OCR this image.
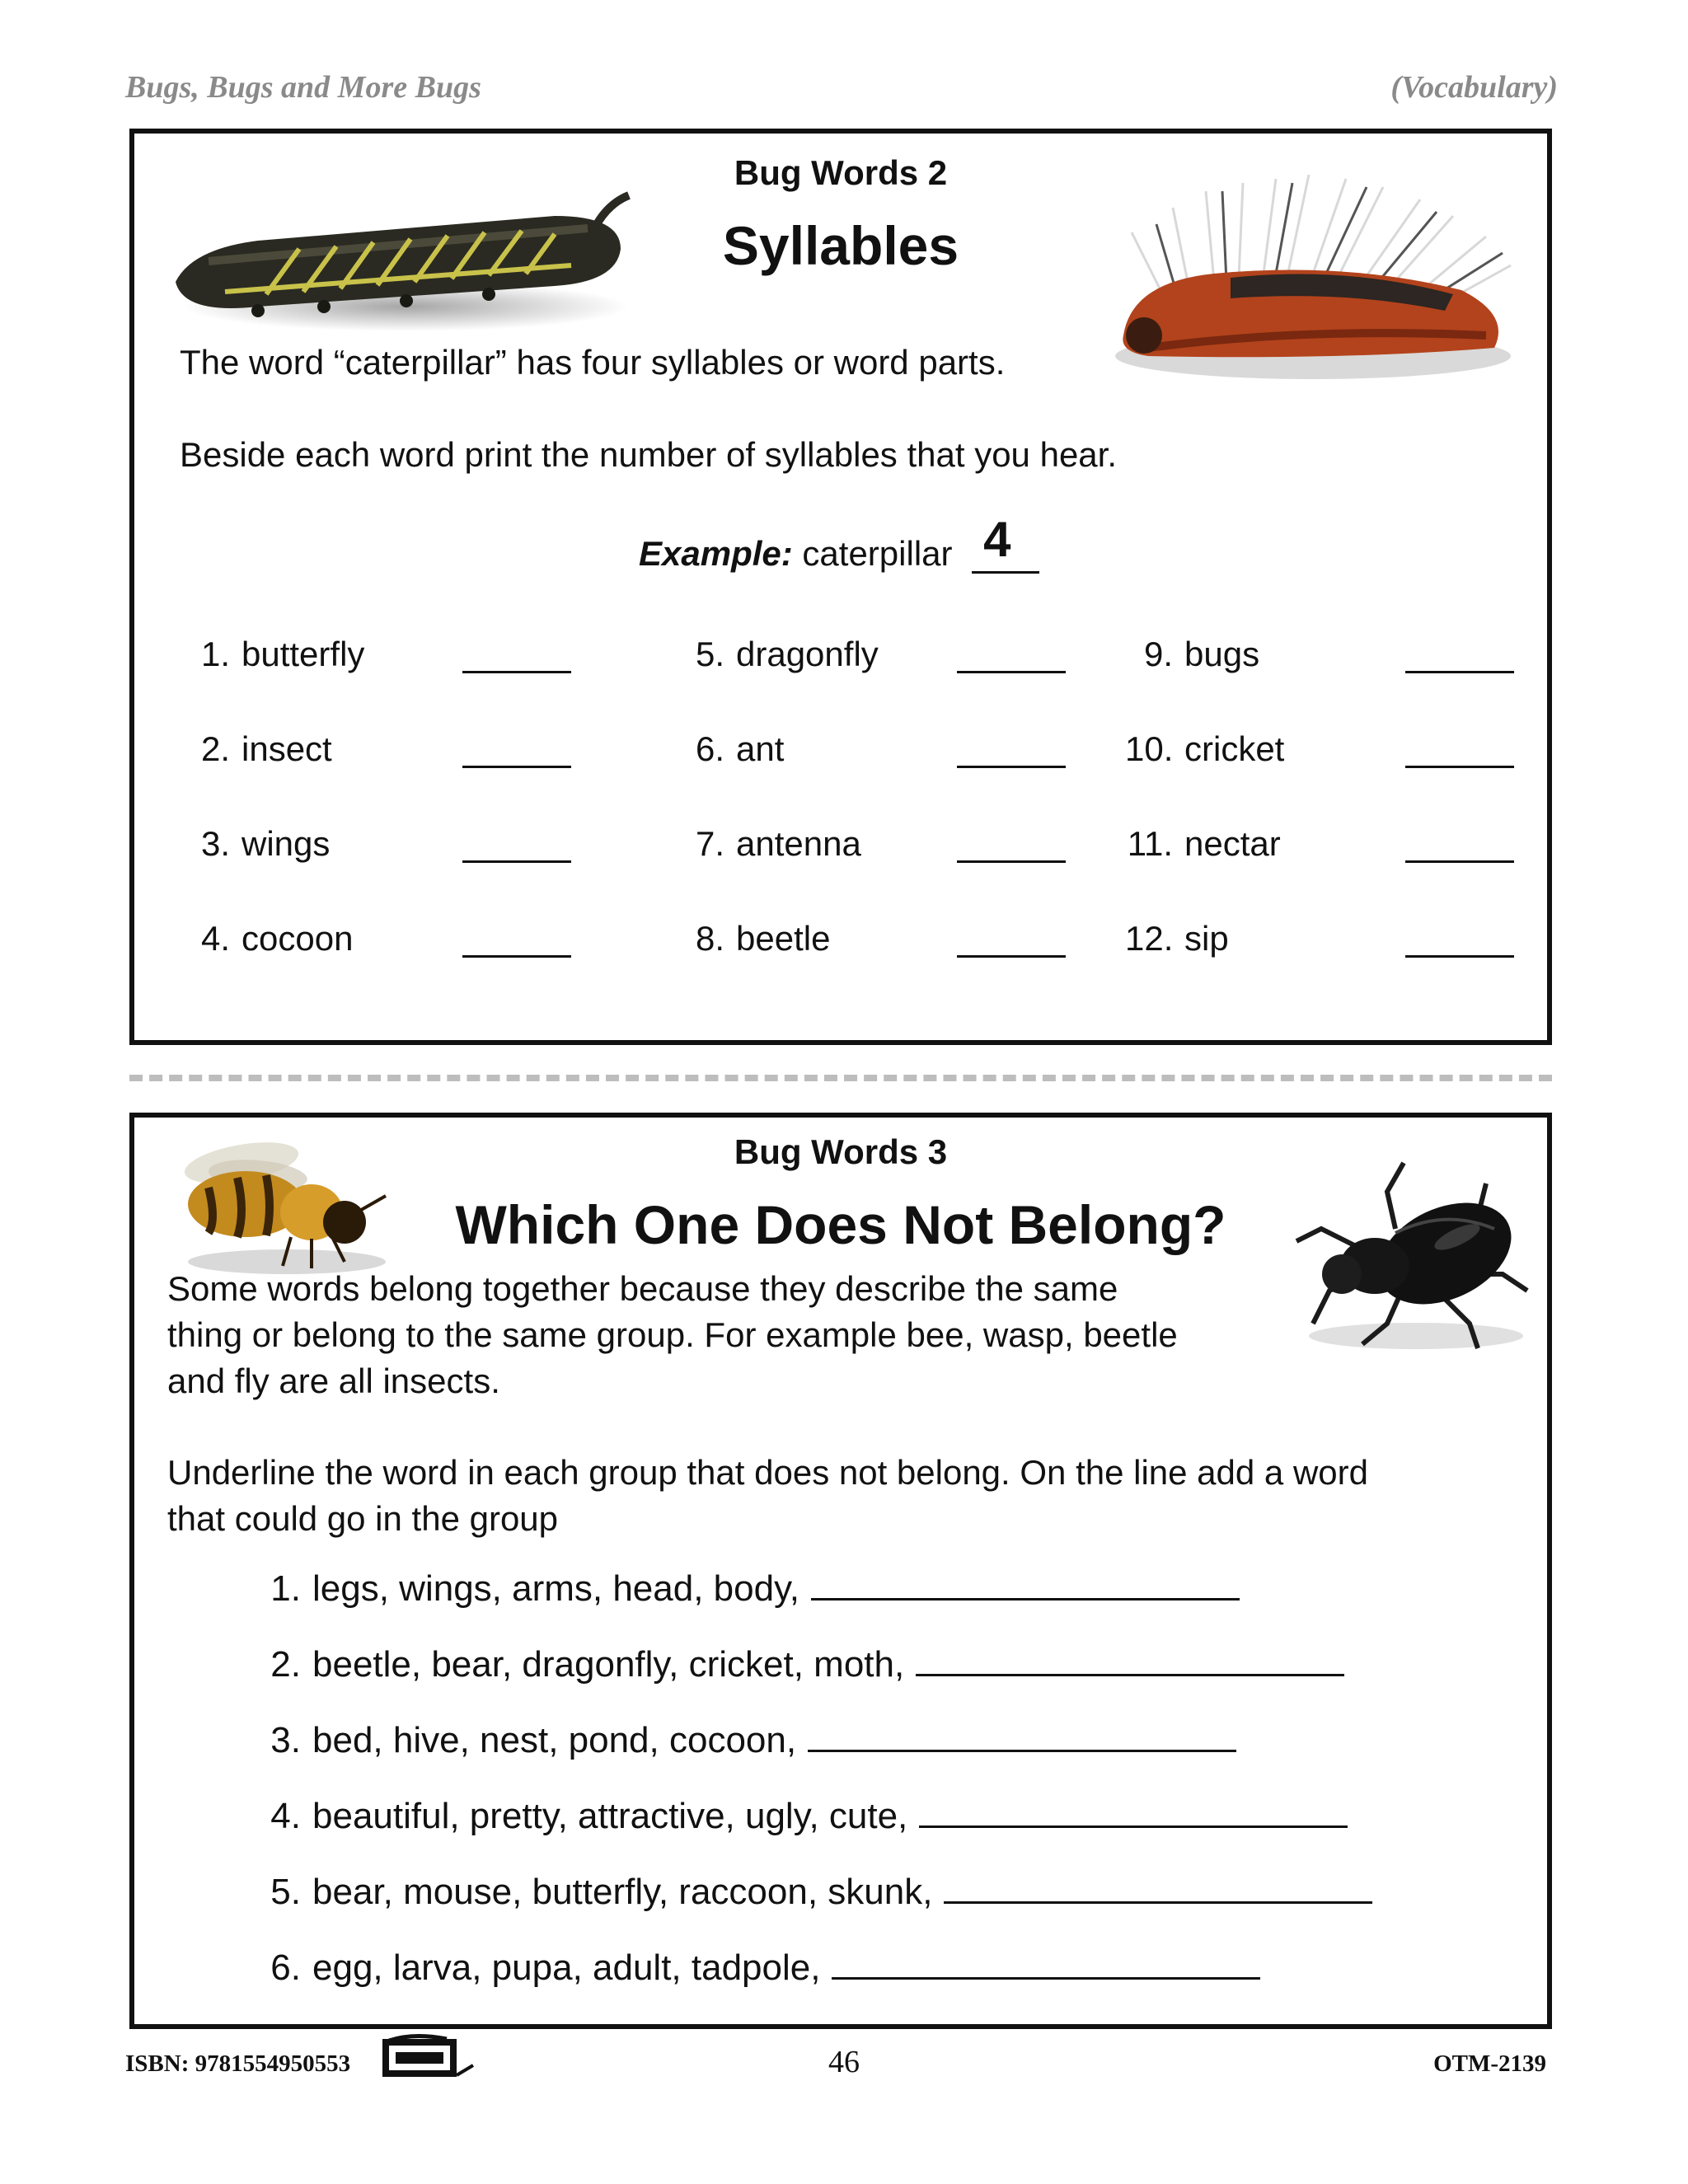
Bugs, Bugs and More Bugs	(Vocabulary)
Bug Words 2
Syllables
The word “caterpillar” has four syllables or word parts.
Beside each word print the number of syllables that you hear.
Example: caterpillar 4
1. butterfly
2. insect
3. wings
4. cocoon
5. dragonfly
6. ant
7. antenna
8. beetle
9. bugs
10. cricket
11. nectar
12. sip
Bug Words 3
Which One Does Not Belong?
Some words belong together because they describe the same
thing or belong to the same group. For example bee, wasp, beetle
and fly are all insects.
Underline the word in each group that does not belong. On the line add a word
that could go in the group
1. legs, wings, arms, head, body,
2. beetle, bear, dragonfly, cricket, moth,
3. bed, hive, nest, pond, cocoon,
4. beautiful, pretty, attractive, ugly, cute,
5. bear, mouse, butterfly, raccoon, skunk,
6. egg, larva, pupa, adult, tadpole,
ISBN: 9781554950553	46	OTM-2139
